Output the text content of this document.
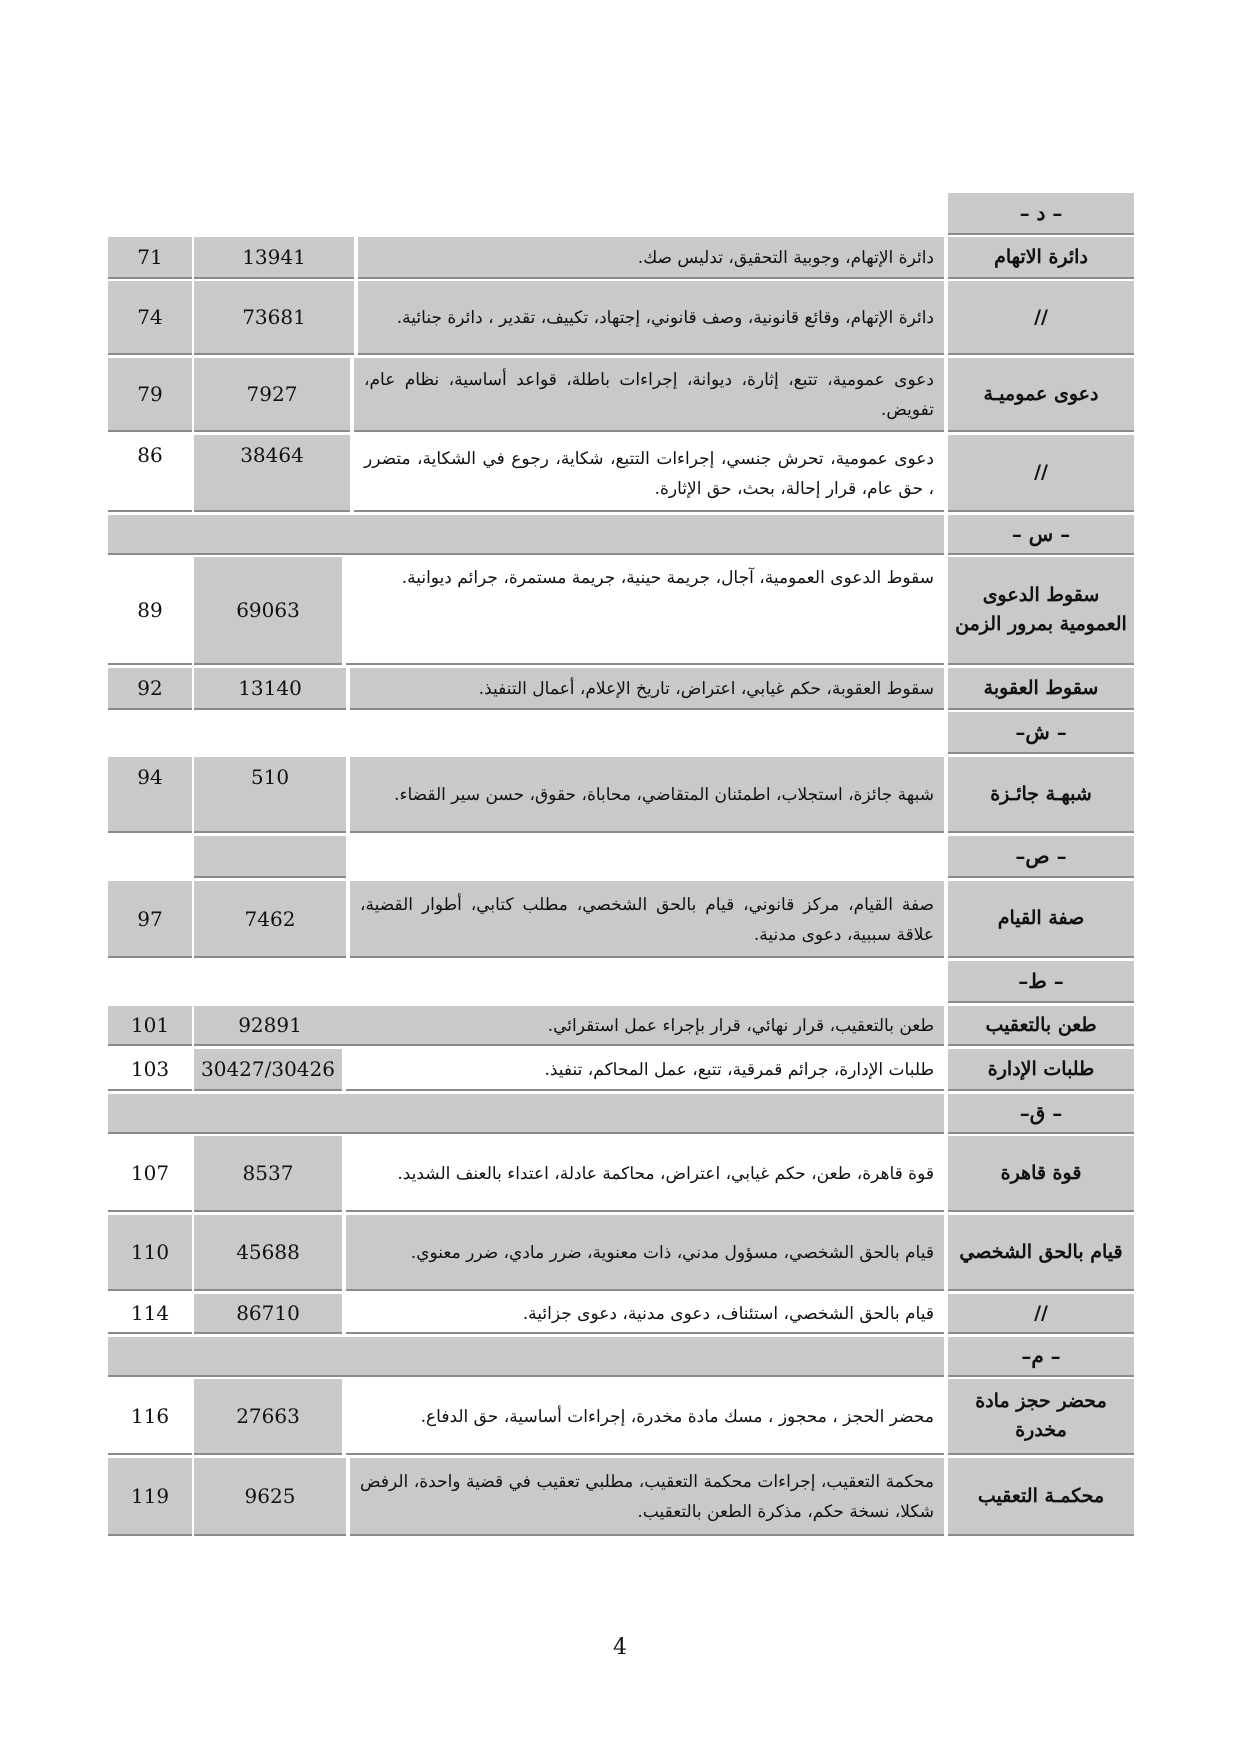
– د –
دائرة الاتهام
دائرة الإتهام، وجوبية التحقيق، تدليس صك.
13941
71
//
دائرة الإتهام، وقائع قانونية، وصف قانوني، إجتهاد، تكييف، تقدير ، دائرة جنائية.
73681
74
دعوى عموميـة
دعوى عمومية، تتبع، إثارة، ديوانة، إجراءات باطلة، قواعد أساسية، نظام عام، تفويض.
7927
79
//
دعوى عمومية، تحرش جنسي، إجراءات التتبع، شكاية، رجوع في الشكاية، متضرر ، حق عام، قرار إحالة، بحث، حق الإثارة.
38464
86
– س –
سقوط الدعوى العمومية بمرور الزمن
سقوط الدعوى العمومية، آجال، جريمة حينية، جريمة مستمرة، جرائم ديوانية.
69063
89
سقوط العقوبة
سقوط العقوبة، حكم غيابي، اعتراض، تاريخ الإعلام، أعمال التنفيذ.
13140
92
– ش–
شبهـة جائـزة
شبهة جائزة، استجلاب، اطمئنان المتقاضي، محاباة، حقوق، حسن سير القضاء.
510
94
– ص–
صفة القيام
صفة القيام، مركز قانوني، قيام بالحق الشخصي، مطلب كتابي، أطوار القضية، علاقة سببية، دعوى مدنية.
7462
97
– ط–
طعن بالتعقيب
طعن بالتعقيب، قرار نهائي، قرار بإجراء عمل استقرائي.
92891
101
طلبات الإدارة
طلبات الإدارة، جرائم قمرقية، تتبع، عمل المحاكم، تنفيذ.
30427/30426
103
– ق–
قوة قاهرة
قوة قاهرة، طعن، حكم غيابي، اعتراض، محاكمة عادلة، اعتداء بالعنف الشديد.
8537
107
قيام بالحق الشخصي
قيام بالحق الشخصي، مسؤول مدني، ذات معنوية، ضرر مادي، ضرر معنوي.
45688
110
//
قيام بالحق الشخصي، استئناف، دعوى مدنية، دعوى جزائية.
86710
114
– م–
محضر حجز مادة مخدرة
محضر الحجز ، محجوز ، مسك مادة مخدرة، إجراءات أساسية، حق الدفاع.
27663
116
محكمـة التعقيب
محكمة التعقيب، إجراءات محكمة التعقيب، مطلبي تعقيب في قضية واحدة، الرفض شكلا، نسخة حكم، مذكرة الطعن بالتعقيب.
9625
119
4
